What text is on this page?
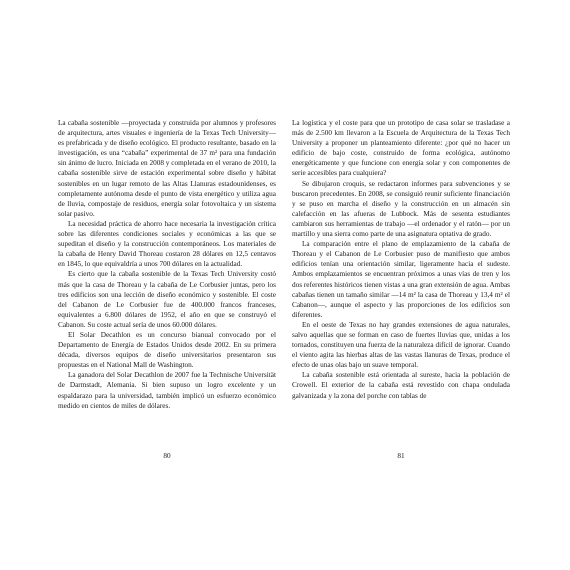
La cabaña sostenible —proyectada y construida por alumnos y profesores de arquitectura, artes visuales e ingeniería de la Texas Tech University— es prefabricada y de diseño ecológico. El producto resultante, basado en la investigación, es una “cabaña” experimental de 37 m² para una fundación sin ánimo de lucro. Iniciada en 2008 y completada en el verano de 2010, la cabaña sostenible sirve de estación experimental sobre diseño y hábitat sostenibles en un lugar remoto de las Altas Llanuras estadounidenses, es completamente autónoma desde el punto de vista energético y utiliza agua de lluvia, compostaje de residuos, energía solar fotovoltaica y un sistema solar pasivo.

La necesidad práctica de ahorro hace necesaria la investigación crítica sobre las diferentes condiciones sociales y económicas a las que se supeditan el diseño y la construcción contemporáneos. Los materiales de la cabaña de Henry David Thoreau costaron 28 dólares en 12,5 centavos en 1845, lo que equivaldría a unos 700 dólares en la actualidad.

Es cierto que la cabaña sostenible de la Texas Tech University costó más que la casa de Thoreau y la cabaña de Le Corbusier juntas, pero los tres edificios son una lección de diseño económico y sostenible. El coste del Cabanon de Le Corbusier fue de 400.000 francos franceses, equivalentes a 6.800 dólares de 1952, el año en que se construyó el Cabanon. Su coste actual sería de unos 60.000 dólares.

El Solar Decathlon es un concurso bianual convocado por el Departamento de Energía de Estados Unidos desde 2002. En su primera década, diversos equipos de diseño universitarios presentaron sus propuestas en el National Mall de Washington.

La ganadora del Solar Decathlon de 2007 fue la Technische Universität de Darmstadt, Alemania. Si bien supuso un logro excelente y un espaldarazo para la universidad, también implicó un esfuerzo económico medido en cientos de miles de dólares.

La logística y el coste para que un prototipo de casa solar se trasladase a más de 2.500 km llevaron a la Escuela de Arquitectura de la Texas Tech University a proponer un planteamiento diferente: ¿por qué no hacer un edificio de bajo coste, construido de forma ecológica, autónomo energéticamente y que funcione con energía solar y con componentes de serie accesibles para cualquiera?

Se dibujaron croquis, se redactaron informes para subvenciones y se buscaron precedentes. En 2008, se consiguió reunir suficiente financiación y se puso en marcha el diseño y la construcción en un almacén sin calefacción en las afueras de Lubbock. Más de sesenta estudiantes cambiaron sus herramientas de trabajo —el ordenador y el ratón— por un martillo y una sierra como parte de una asignatura optativa de grado.

La comparación entre el plano de emplazamiento de la cabaña de Thoreau y el Cabanon de Le Corbusier puso de manifiesto que ambos edificios tenían una orientación similar, ligeramente hacia el sudeste. Ambos emplazamientos se encuentran próximos a unas vías de tren y los dos referentes históricos tienen vistas a una gran extensión de agua. Ambas cabañas tienen un tamaño similar —14 m² la casa de Thoreau y 13,4 m² el Cabanon—, aunque el aspecto y las proporciones de los edificios son diferentes.

En el oeste de Texas no hay grandes extensiones de agua naturales, salvo aquellas que se forman en caso de fuertes lluvias que, unidas a los tornados, constituyen una fuerza de la naturaleza difícil de ignorar. Cuando el viento agita las hierbas altas de las vastas llanuras de Texas, produce el efecto de unas olas bajo un suave temporal.

La cabaña sostenible está orientada al sureste, hacia la población de Crowell. El exterior de la cabaña está revestido con chapa ondulada galvanizada y la zona del porche con tablas de

80	81
